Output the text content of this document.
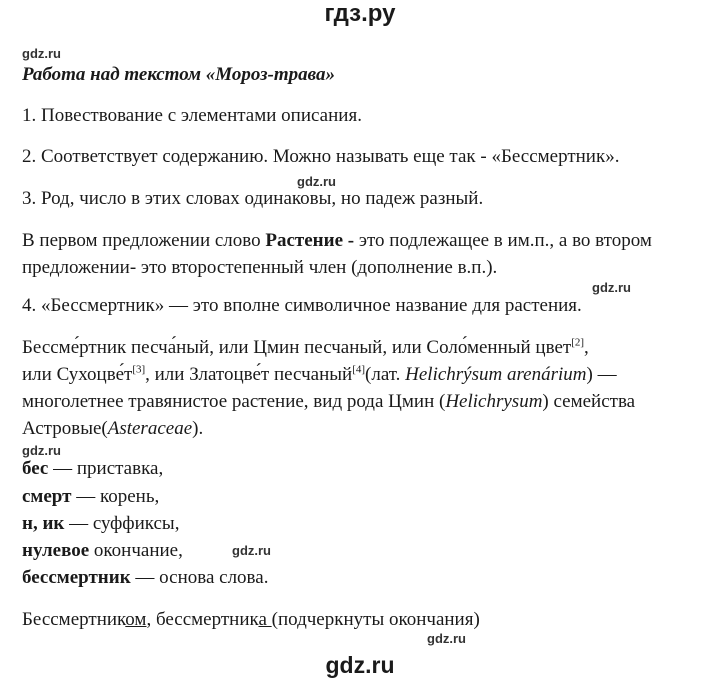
гдз.ру
gdz.ru
Работа над текстом «Мороз-трава»
1. Повествование с элементами описания.
2. Соответствует содержанию. Можно называть еще так - «Бессмертник».
gdz.ru
3. Род, число в этих словах одинаковы, но падеж разный.
В первом предложении слово Растение - это подлежащее в им.п., а во втором
предложении- это второстепенный член (дополнение в.п.).
gdz.ru
4. «Бессмертник» — это вполне символичное название для растения.
Бессме́ртник песча́ный, или Цмин песчаный, или Соло́менный цвет[2],
или Сухоцве́т[3], или Златоцве́т песчаный[4](лат. Helichrýsum arenárium) —
многолетнее травянистое растение, вид рода Цмин (Helichrysum) семейства
Астровые(Asteraceae).
gdz.ru
бес — приставка,
смерт — корень,
н, ик — суффиксы,
нулевое окончание,	gdz.ru
бессмертник — основа слова.
Бессмертником, бессмертника (подчеркнуты окончания)
gdz.ru
gdz.ru
